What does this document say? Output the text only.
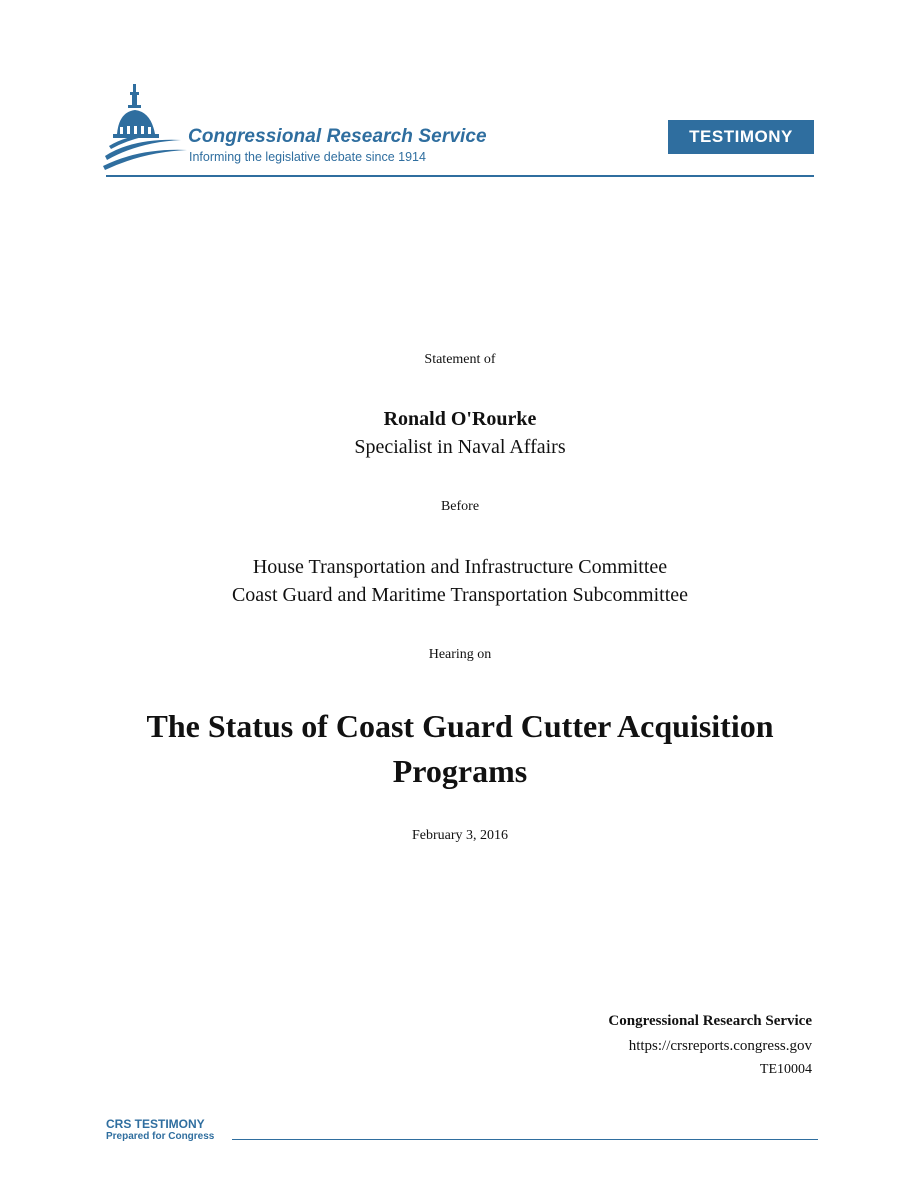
Congressional Research Service
Informing the legislative debate since 1914
TESTIMONY
Statement of
Ronald O'Rourke
Specialist in Naval Affairs
Before
House Transportation and Infrastructure Committee
Coast Guard and Maritime Transportation Subcommittee
Hearing on
The Status of Coast Guard Cutter Acquisition
Programs
February 3, 2016
Congressional Research Service
https://crsreports.congress.gov
TE10004
CRS TESTIMONY
Prepared for Congress
